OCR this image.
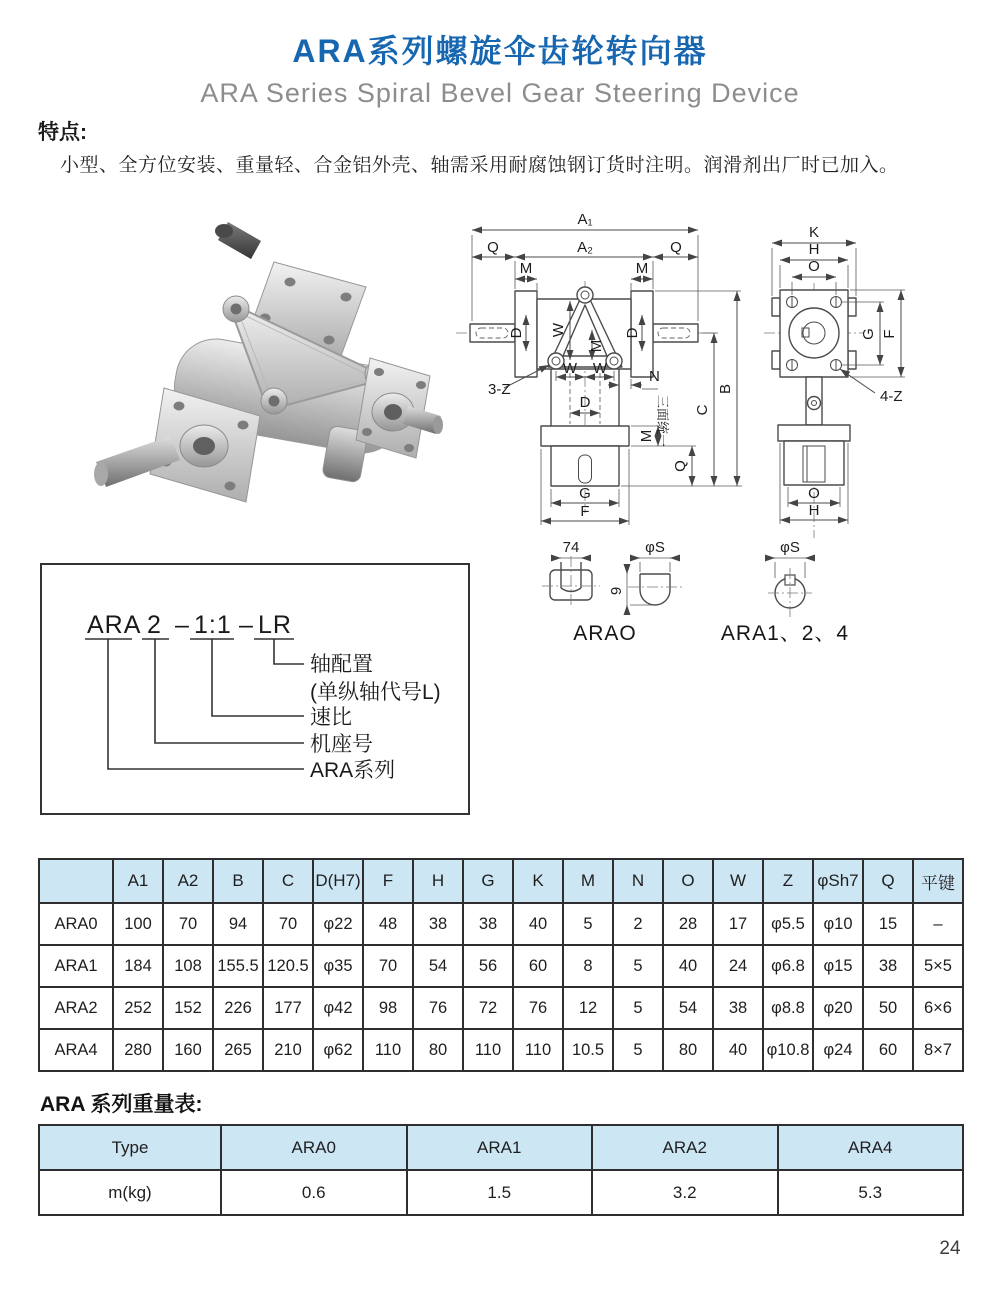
ARA系列螺旋伞齿轮转向器
ARA Series Spiral Bevel Gear Steering Device
特点:
小型、全方位安装、重量轻、合金铝外壳、轴需采用耐腐蚀钢订货时注明。润滑剂出厂时已加入。
A₁
Q	A₂	Q
M	M
W
M
D	D
W W
3-Z
N
三面统一
D
M
Q
C
B
G
F
K
H
O
G F
4-Z
O
H
74	φS
9
φS
ARAO	ARA1、2、4
ARA 2 – 1:1 – LR
轴配置
(单纵轴代号L)
速比
机座号
ARA系列
	A1	A2	B	C	D(H7)	F	H	G	K	M	N	O	W	Z	φSh7	Q	平键
ARA0	100	70	94	70	φ22	48	38	38	40	5	2	28	17	φ5.5	φ10	15	–
ARA1	184	108	155.5	120.5	φ35	70	54	56	60	8	5	40	24	φ6.8	φ15	38	5×5
ARA2	252	152	226	177	φ42	98	76	72	76	12	5	54	38	φ8.8	φ20	50	6×6
ARA4	280	160	265	210	φ62	110	80	110	110	10.5	5	80	40	φ10.8	φ24	60	8×7
ARA 系列重量表:
Type	ARA0	ARA1	ARA2	ARA4
m(kg)	0.6	1.5	3.2	5.3
24
